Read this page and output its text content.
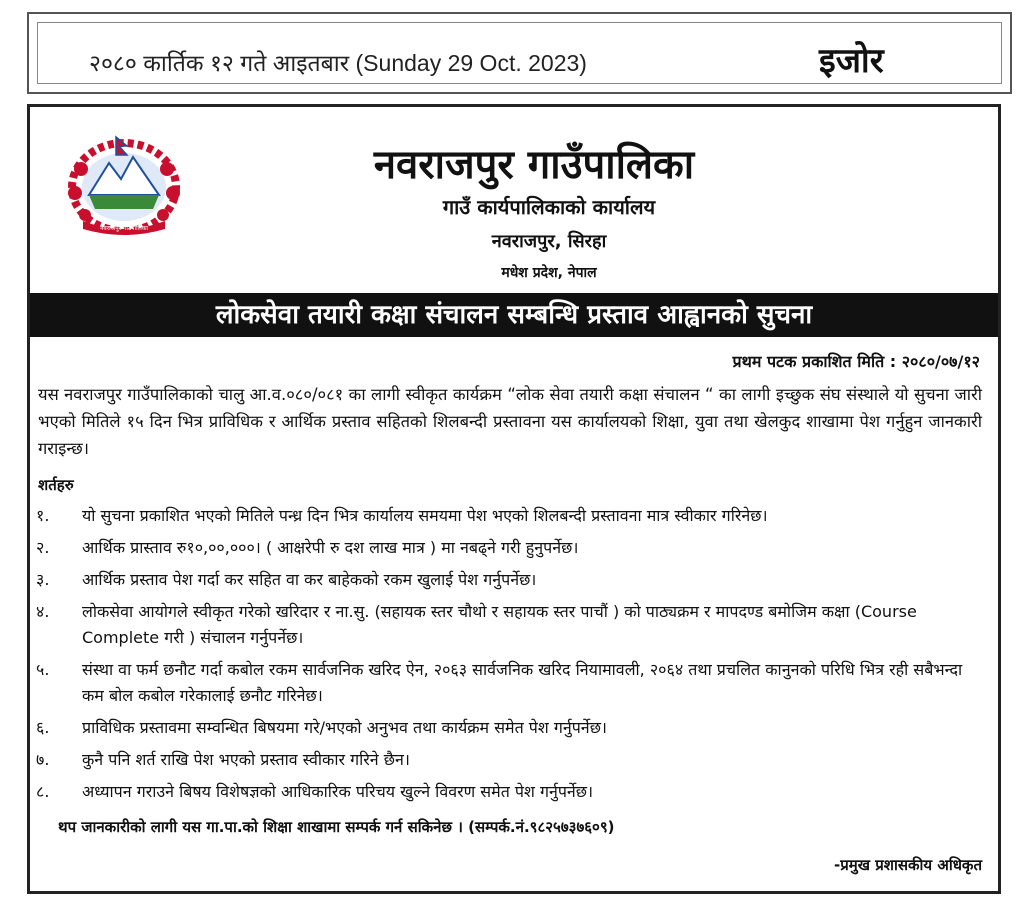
२०८० कार्तिक १२ गते आइतबार (Sunday 29 Oct. 2023)	इजोर
नवराजपुर गाउँपालिका
नवराजपुर गाउँपालिका
गाउँ कार्यपालिकाको कार्यालय
नवराजपुर, सिरहा
मधेश प्रदेश, नेपाल
लोकसेवा तयारी कक्षा संचालन सम्बन्धि प्रस्ताव आह्वानको सुचना
प्रथम पटक प्रकाशित मिति : २०८०/०७/१२
यस नवराजपुर गाउँपालिकाको चालु आ.व.०८०/०८१ का लागी स्वीकृत कार्यक्रम “लोक सेवा तयारी कक्षा संचालन “ का लागी इच्छुक संघ संस्थाले यो सुचना जारी भएको मितिले १५ दिन भित्र प्राविधिक र आर्थिक प्रस्ताव सहितको शिलबन्दी प्रस्तावना यस कार्यालयको शिक्षा, युवा तथा खेलकुद शाखामा पेश गर्नुहुन जानकारी गराइन्छ।
शर्तहरु
१.	यो सुचना प्रकाशित भएको मितिले पन्ध्र दिन भित्र कार्यालय समयमा पेश भएको शिलबन्दी प्रस्तावना मात्र स्वीकार गरिनेछ।
२.	आर्थिक प्रास्ताव रु१०,००,०००। ( आक्षरेपी रु दश लाख मात्र ) मा नबढ्ने गरी हुनुपर्नेछ।
३.	आर्थिक प्रस्ताव पेश गर्दा कर सहित वा कर बाहेकको रकम खुलाई पेश गर्नुपर्नेछ।
४.	लोकसेवा आयोगले स्वीकृत गरेको खरिदार र ना.सु. (सहायक स्तर चौथो र सहायक स्तर पाचौं ) को पाठ्यक्रम र मापदण्ड बमोजिम कक्षा (Course Complete गरी ) संचालन गर्नुपर्नेछ।
५.	संस्था वा फर्म छनौट गर्दा कबोल रकम सार्वजनिक खरिद ऐन, २०६३ सार्वजनिक खरिद नियामावली, २०६४ तथा प्रचलित कानुनको परिधि भित्र रही सबैभन्दा कम बोल कबोल गरेकालाई छनौट गरिनेछ।
६.	प्राविधिक प्रस्तावमा सम्वन्धित बिषयमा गरे/भएको अनुभव तथा कार्यक्रम समेत पेश गर्नुपर्नेछ।
७.	कुनै पनि शर्त राखि पेश भएको प्रस्ताव स्वीकार गरिने छैन।
८.	अध्यापन गराउने बिषय विशेषज्ञको आधिकारिक परिचय खुल्ने विवरण समेत पेश गर्नुपर्नेछ।
थप जानकारीको लागी यस गा.पा.को शिक्षा शाखामा सम्पर्क गर्न सकिनेछ । (सम्पर्क.नं.९८२५७३७६०९)
-प्रमुख प्रशासकीय अधिकृत
